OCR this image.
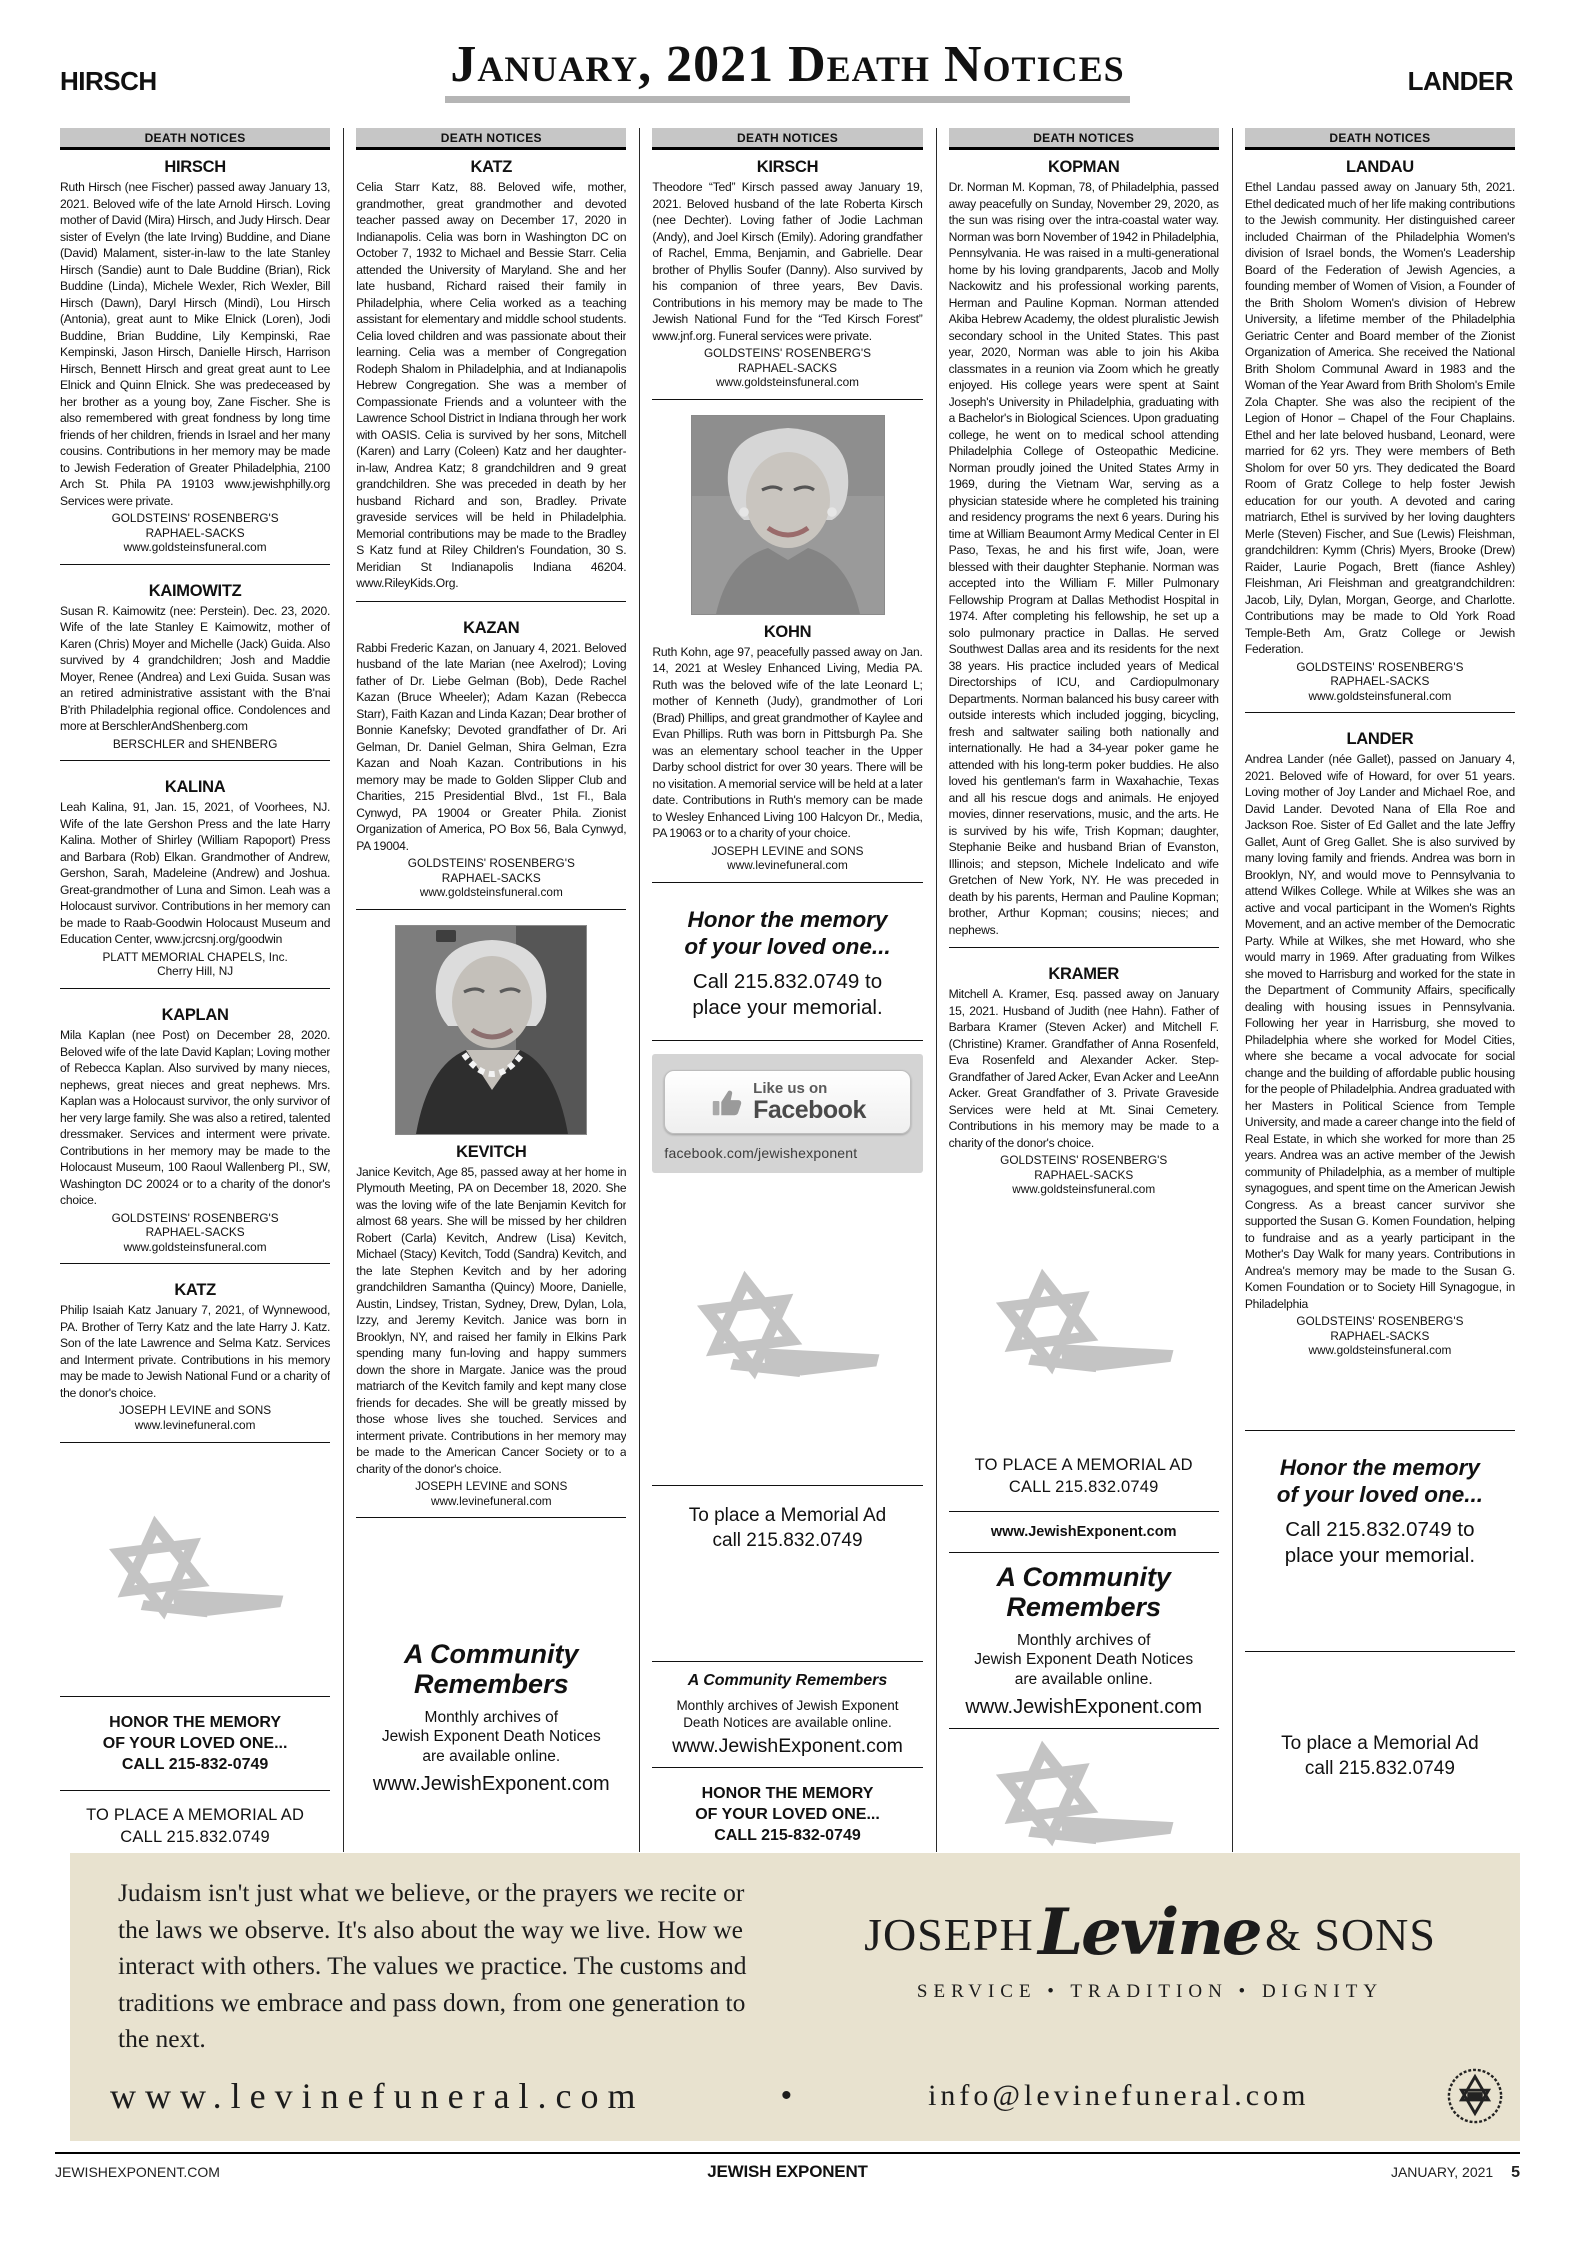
HIRSCH	LANDER
January, 2021 Death Notices
DEATH NOTICES
HIRSCH
Ruth Hirsch (nee Fischer) passed away January 13, 2021. Beloved wife of the late Arnold Hirsch. Loving mother of David (Mira) Hirsch, and Judy Hirsch. Dear sister of Evelyn (the late Irving) Buddine, and Diane (David) Malament, sister-in-law to the late Stanley Hirsch (Sandie) aunt to Dale Buddine (Brian), Rick Buddine (Linda), Michele Wexler, Rich Wexler, Bill Hirsch (Dawn), Daryl Hirsch (Mindi), Lou Hirsch (Antonia), great aunt to Mike Elnick (Loren), Jodi Buddine, Brian Buddine, Lily Kempinski, Rae Kempinski, Jason Hirsch, Danielle Hirsch, Harrison Hirsch, Bennett Hirsch and great great aunt to Lee Elnick and Quinn Elnick. She was predeceased by her brother as a young boy, Zane Fischer. She is also remembered with great fondness by long time friends of her children, friends in Israel and her many cousins. Contributions in her memory may be made to Jewish Federation of Greater Philadelphia, 2100 Arch St. Phila PA 19103 www.jewishphilly.org Services were private.
GOLDSTEINS' ROSENBERG'S
RAPHAEL-SACKS
www.goldsteinsfuneral.com
KAIMOWITZ
Susan R. Kaimowitz (nee: Perstein). Dec. 23, 2020. Wife of the late Stanley E Kaimowitz, mother of Karen (Chris) Moyer and Michelle (Jack) Guida. Also survived by 4 grandchildren; Josh and Maddie Moyer, Renee (Andrea) and Lexi Guida. Susan was an retired administrative assistant with the B'nai B'rith Philadelphia regional office. Condolences and more at BerschlerAndShenberg.com
BERSCHLER and SHENBERG
KALINA
Leah Kalina, 91, Jan. 15, 2021, of Voorhees, NJ. Wife of the late Gershon Press and the late Harry Kalina. Mother of Shirley (William Rapoport) Press and Barbara (Rob) Elkan. Grandmother of Andrew, Gershon, Sarah, Madeleine (Andrew) and Joshua. Great-grandmother of Luna and Simon. Leah was a Holocaust survivor. Contributions in her memory can be made to Raab-Goodwin Holocaust Museum and Education Center, www.jcrcsnj.org/goodwin
PLATT MEMORIAL CHAPELS, Inc.
Cherry Hill, NJ
KAPLAN
Mila Kaplan (nee Post) on December 28, 2020. Beloved wife of the late David Kaplan; Loving mother of Rebecca Kaplan. Also survived by many nieces, nephews, great nieces and great nephews. Mrs. Kaplan was a Holocaust survivor, the only survivor of her very large family. She was also a retired, talented dressmaker. Services and interment were private. Contributions in her memory may be made to the Holocaust Museum, 100 Raoul Wallenberg Pl., SW, Washington DC 20024 or to a charity of the donor's choice.
GOLDSTEINS' ROSENBERG'S
RAPHAEL-SACKS
www.goldsteinsfuneral.com
KATZ
Philip Isaiah Katz January 7, 2021, of Wynnewood, PA. Brother of Terry Katz and the late Harry J. Katz. Son of the late Lawrence and Selma Katz. Services and Interment private. Contributions in his memory may be made to Jewish National Fund or a charity of the donor's choice.
JOSEPH LEVINE and SONS
www.levinefuneral.com
HONOR THE MEMORY
OF YOUR LOVED ONE...
CALL 215-832-0749
TO PLACE A MEMORIAL AD
CALL 215.832.0749
DEATH NOTICES
KATZ
Celia Starr Katz, 88. Beloved wife, mother, grandmother, great grandmother and devoted teacher passed away on December 17, 2020 in Indianapolis. Celia was born in Washington DC on October 7, 1932 to Michael and Bessie Starr. Celia attended the University of Maryland. She and her late husband, Richard raised their family in Philadelphia, where Celia worked as a teaching assistant for elementary and middle school students. Celia loved children and was passionate about their learning. Celia was a member of Congregation Rodeph Shalom in Philadelphia, and at Indianapolis Hebrew Congregation. She was a member of Compassionate Friends and a volunteer with the Lawrence School District in Indiana through her work with OASIS. Celia is survived by her sons, Mitchell (Karen) and Larry (Coleen) Katz and her daughter-in-law, Andrea Katz; 8 grandchildren and 9 great grandchildren. She was preceded in death by her husband Richard and son, Bradley. Private graveside services will be held in Philadelphia. Memorial contributions may be made to the Bradley S Katz fund at Riley Children's Foundation, 30 S. Meridian St Indianapolis Indiana 46204. www.RileyKids.Org.
KAZAN
Rabbi Frederic Kazan, on January 4, 2021. Beloved husband of the late Marian (nee Axelrod); Loving father of Dr. Liebe Gelman (Bob), Dede Rachel Kazan (Bruce Wheeler); Adam Kazan (Rebecca Starr), Faith Kazan and Linda Kazan; Dear brother of Bonnie Kanefsky; Devoted grandfather of Dr. Ari Gelman, Dr. Daniel Gelman, Shira Gelman, Ezra Kazan and Noah Kazan. Contributions in his memory may be made to Golden Slipper Club and Charities, 215 Presidential Blvd., 1st Fl., Bala Cynwyd, PA 19004 or Greater Phila. Zionist Organization of America, PO Box 56, Bala Cynwyd, PA 19004.
GOLDSTEINS' ROSENBERG'S
RAPHAEL-SACKS
www.goldsteinsfuneral.com
KEVITCH
Janice Kevitch, Age 85, passed away at her home in Plymouth Meeting, PA on December 18, 2020. She was the loving wife of the late Benjamin Kevitch for almost 68 years. She will be missed by her children Robert (Carla) Kevitch, Andrew (Lisa) Kevitch, Michael (Stacy) Kevitch, Todd (Sandra) Kevitch, and the late Stephen Kevitch and by her adoring grandchildren Samantha (Quincy) Moore, Danielle, Austin, Lindsey, Tristan, Sydney, Drew, Dylan, Lola, Izzy, and Jeremy Kevitch. Janice was born in Brooklyn, NY, and raised her family in Elkins Park spending many fun-loving and happy summers down the shore in Margate. Janice was the proud matriarch of the Kevitch family and kept many close friends for decades. She will be greatly missed by those whose lives she touched. Services and interment private. Contributions in her memory may be made to the American Cancer Society or to a charity of the donor's choice.
JOSEPH LEVINE and SONS
www.levinefuneral.com
A Community
Remembers
Monthly archives of
Jewish Exponent Death Notices
are available online.
www.JewishExponent.com
DEATH NOTICES
KIRSCH
Theodore “Ted” Kirsch passed away January 19, 2021. Beloved husband of the late Roberta Kirsch (nee Dechter). Loving father of Jodie Lachman (Andy), and Joel Kirsch (Emily). Adoring grandfather of Rachel, Emma, Benjamin, and Gabrielle. Dear brother of Phyllis Soufer (Danny). Also survived by his companion of three years, Bev Davis. Contributions in his memory may be made to The Jewish National Fund for the “Ted Kirsch Forest” www.jnf.org. Funeral services were private.
GOLDSTEINS' ROSENBERG'S
RAPHAEL-SACKS
www.goldsteinsfuneral.com
KOHN
Ruth Kohn, age 97, peacefully passed away on Jan. 14, 2021 at Wesley Enhanced Living, Media PA. Ruth was the beloved wife of the late Leonard L; mother of Kenneth (Judy), grandmother of Lori (Brad) Phillips, and great grandmother of Kaylee and Evan Phillips. Ruth was born in Pittsburgh Pa. She was an elementary school teacher in the Upper Darby school district for over 30 years. There will be no visitation. A memorial service will be held at a later date. Contributions in Ruth's memory can be made to Wesley Enhanced Living 100 Halcyon Dr., Media, PA 19063 or to a charity of your choice.
JOSEPH LEVINE and SONS
www.levinefuneral.com
Honor the memory
of your loved one...
Call 215.832.0749 to
place your memorial.
Like us on
Facebook
facebook.com/jewishexponent
To place a Memorial Ad
call 215.832.0749
A Community Remembers
Monthly archives of Jewish Exponent
Death Notices are available online.
www.JewishExponent.com
HONOR THE MEMORY
OF YOUR LOVED ONE...
CALL 215-832-0749
DEATH NOTICES
KOPMAN
Dr. Norman M. Kopman, 78, of Philadelphia, passed away peacefully on Sunday, November 29, 2020, as the sun was rising over the intra-coastal water way. Norman was born November of 1942 in Philadelphia, Pennsylvania. He was raised in a multi-generational home by his loving grandparents, Jacob and Molly Nackowitz and his professional working parents, Herman and Pauline Kopman. Norman attended Akiba Hebrew Academy, the oldest pluralistic Jewish secondary school in the United States. This past year, 2020, Norman was able to join his Akiba classmates in a reunion via Zoom which he greatly enjoyed. His college years were spent at Saint Joseph's University in Philadelphia, graduating with a Bachelor's in Biological Sciences. Upon graduating college, he went on to medical school attending Philadelphia College of Osteopathic Medicine. Norman proudly joined the United States Army in 1969, during the Vietnam War, serving as a physician stateside where he completed his training and residency programs the next 6 years. During his time at William Beaumont Army Medical Center in El Paso, Texas, he and his first wife, Joan, were blessed with their daughter Stephanie. Norman was accepted into the William F. Miller Pulmonary Fellowship Program at Dallas Methodist Hospital in 1974. After completing his fellowship, he set up a solo pulmonary practice in Dallas. He served Southwest Dallas area and its residents for the next 38 years. His practice included years of Medical Directorships of ICU, and Cardiopulmonary Departments. Norman balanced his busy career with outside interests which included jogging, bicycling, fresh and saltwater sailing both nationally and internationally. He had a 34-year poker game he attended with his long-term poker buddies. He also loved his gentleman's farm in Waxahachie, Texas and all his rescue dogs and animals. He enjoyed movies, dinner reservations, music, and the arts. He is survived by his wife, Trish Kopman; daughter, Stephanie Beike and husband Brian of Evanston, Illinois; and stepson, Michele Indelicato and wife Gretchen of New York, NY. He was preceded in death by his parents, Herman and Pauline Kopman; brother, Arthur Kopman; cousins; nieces; and nephews.
KRAMER
Mitchell A. Kramer, Esq. passed away on January 15, 2021. Husband of Judith (nee Hahn). Father of Barbara Kramer (Steven Acker) and Mitchell F. (Christine) Kramer. Grandfather of Anna Rosenfeld, Eva Rosenfeld and Alexander Acker. Step-Grandfather of Jared Acker, Evan Acker and LeeAnn Acker. Great Grandfather of 3. Private Graveside Services were held at Mt. Sinai Cemetery. Contributions in his memory may be made to a charity of the donor's choice.
GOLDSTEINS' ROSENBERG'S
RAPHAEL-SACKS
www.goldsteinsfuneral.com
TO PLACE A MEMORIAL AD
CALL 215.832.0749
www.JewishExponent.com
A Community
Remembers
Monthly archives of
Jewish Exponent Death Notices
are available online.
www.JewishExponent.com
DEATH NOTICES
LANDAU
Ethel Landau passed away on January 5th, 2021. Ethel dedicated much of her life making contributions to the Jewish community. Her distinguished career included Chairman of the Philadelphia Women's division of Israel bonds, the Women's Leadership Board of the Federation of Jewish Agencies, a founding member of Women of Vision, a Founder of the Brith Sholom Women's division of Hebrew University, a lifetime member of the Philadelphia Geriatric Center and Board member of the Zionist Organization of America. She received the National Brith Sholom Communal Award in 1983 and the Woman of the Year Award from Brith Sholom's Emile Zola Chapter. She was also the recipient of the Legion of Honor – Chapel of the Four Chaplains. Ethel and her late beloved husband, Leonard, were married for 62 yrs. They were members of Beth Sholom for over 50 yrs. They dedicated the Board Room of Gratz College to help foster Jewish education for our youth. A devoted and caring matriarch, Ethel is survived by her loving daughters Merle (Steven) Fischer, and Sue (Lewis) Fleishman, grandchildren: Kymm (Chris) Myers, Brooke (Drew) Raider, Laurie Pogach, Brett (fiance Ashley) Fleishman, Ari Fleishman and greatgrandchildren: Jacob, Lily, Dylan, Morgan, George, and Charlotte. Contributions may be made to Old York Road Temple-Beth Am, Gratz College or Jewish Federation.
GOLDSTEINS' ROSENBERG'S
RAPHAEL-SACKS
www.goldsteinsfuneral.com
LANDER
Andrea Lander (née Gallet), passed on January 4, 2021. Beloved wife of Howard, for over 51 years. Loving mother of Joy Lander and Michael Roe, and David Lander. Devoted Nana of Ella Roe and Jackson Roe. Sister of Ed Gallet and the late Jeffry Gallet, Aunt of Greg Gallet. She is also survived by many loving family and friends. Andrea was born in Brooklyn, NY, and would move to Pennsylvania to attend Wilkes College. While at Wilkes she was an active and vocal participant in the Women's Rights Movement, and an active member of the Democratic Party. While at Wilkes, she met Howard, who she would marry in 1969. After graduating from Wilkes she moved to Harrisburg and worked for the state in the Department of Community Affairs, specifically dealing with housing issues in Pennsylvania. Following her year in Harrisburg, she moved to Philadelphia where she worked for Model Cities, where she became a vocal advocate for social change and the building of affordable public housing for the people of Philadelphia. Andrea graduated with her Masters in Political Science from Temple University, and made a career change into the field of Real Estate, in which she worked for more than 25 years. Andrea was an active member of the Jewish community of Philadelphia, as a member of multiple synagogues, and spent time on the American Jewish Congress. As a breast cancer survivor she supported the Susan G. Komen Foundation, helping to fundraise and as a yearly participant in the Mother's Day Walk for many years. Contributions in Andrea's memory may be made to the Susan G. Komen Foundation or to Society Hill Synagogue, in Philadelphia
GOLDSTEINS' ROSENBERG'S
RAPHAEL-SACKS
www.goldsteinsfuneral.com
Honor the memory
of your loved one...
Call 215.832.0749 to
place your memorial.
To place a Memorial Ad
call 215.832.0749
Judaism isn't just what we believe, or the prayers we recite or the laws we observe. It's also about the way we live. How we interact with others. The values we practice. The customs and traditions we embrace and pass down, from one generation to the next.
JOSEPH Levine & SONS
SERVICE • TRADITION • DIGNITY
www.levinefuneral.com	•	info@levinefuneral.com
JEWISHEXPONENT.COM	JEWISH EXPONENT	JANUARY, 2021 5
